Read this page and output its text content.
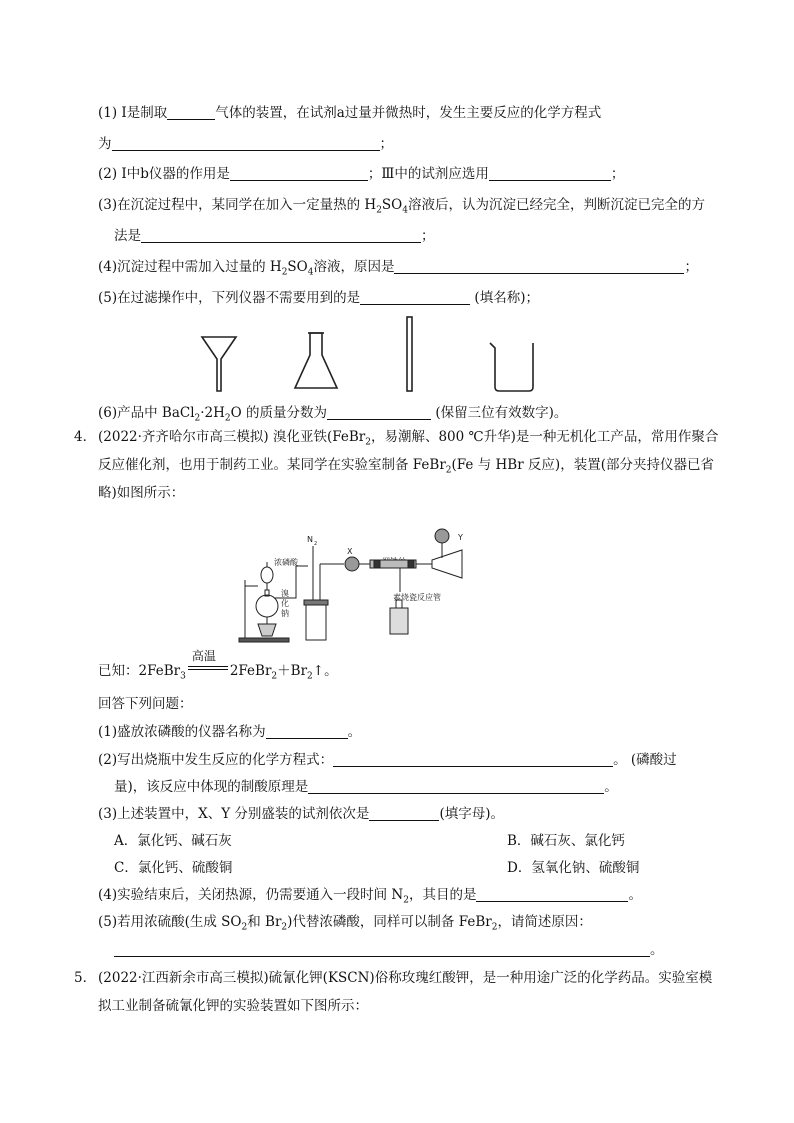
(1) Ⅰ是制取	气体的装置，在试剂a过量并微热时，发生主要反应的化学方程式
为	；
(2) Ⅰ中b仪器的作用是	；Ⅲ中的试剂应选用	；
(3)在沉淀过程中，某同学在加入一定量热的 $H_2SO_4$溶液后，认为沉淀已经完全，判断沉淀已完全的方
法是	；
(4)沉淀过程中需加入过量的 $H_2SO_4$溶液，原因是	；
(5)在过滤操作中，下列仪器不需要用到的是	(填名称)；
(6)产品中 $BaCl_2\cdot 2H_2O$ 的质量分数为	(保留三位有效数字)。
4． (2022·齐齐哈尔市高三模拟) 溴化亚铁(FeBr$_2$，易潮解、800 ℃升华)是一种无机化工产品，常用作聚合
反应催化剂，也用于制药工业。某同学在实验室制备 FeBr$_2$(Fe 与 HBr 反应)，装置(部分夹持仪器已省
略)如图所示：
N 2
浓磷酸
X
Y
素烧瓷反应管
溴
化
钠
已知：2FeBr$_3$
高温
$2FeBr_2+Br_2↑$。
回答下列问题：
(1)盛放浓磷酸的仪器名称为	。
(2)写出烧瓶中发生反应的化学方程式：	。 (磷酸过
量)，该反应中体现的制酸原理是	。
(3)上述装置中，X、Y 分别盛装的试剂依次是	(填字母)。
A．氯化钙、碱石灰	B．碱石灰、氯化钙
C．氯化钙、硫酸铜	D．氢氧化钠、硫酸铜
(4)实验结束后，关闭热源，仍需要通入一段时间 $N_2$，其目的是	。
(5)若用浓硫酸(生成 $SO_2$和 $Br_2$)代替浓磷酸，同样可以制备 FeBr$_2$，请简述原因：
。
5． (2022·江西新余市高三模拟)硫氰化钾(KSCN)俗称玫瑰红酸钾，是一种用途广泛的化学药品。实验室模
拟工业制备硫氰化钾的实验装置如下图所示：
